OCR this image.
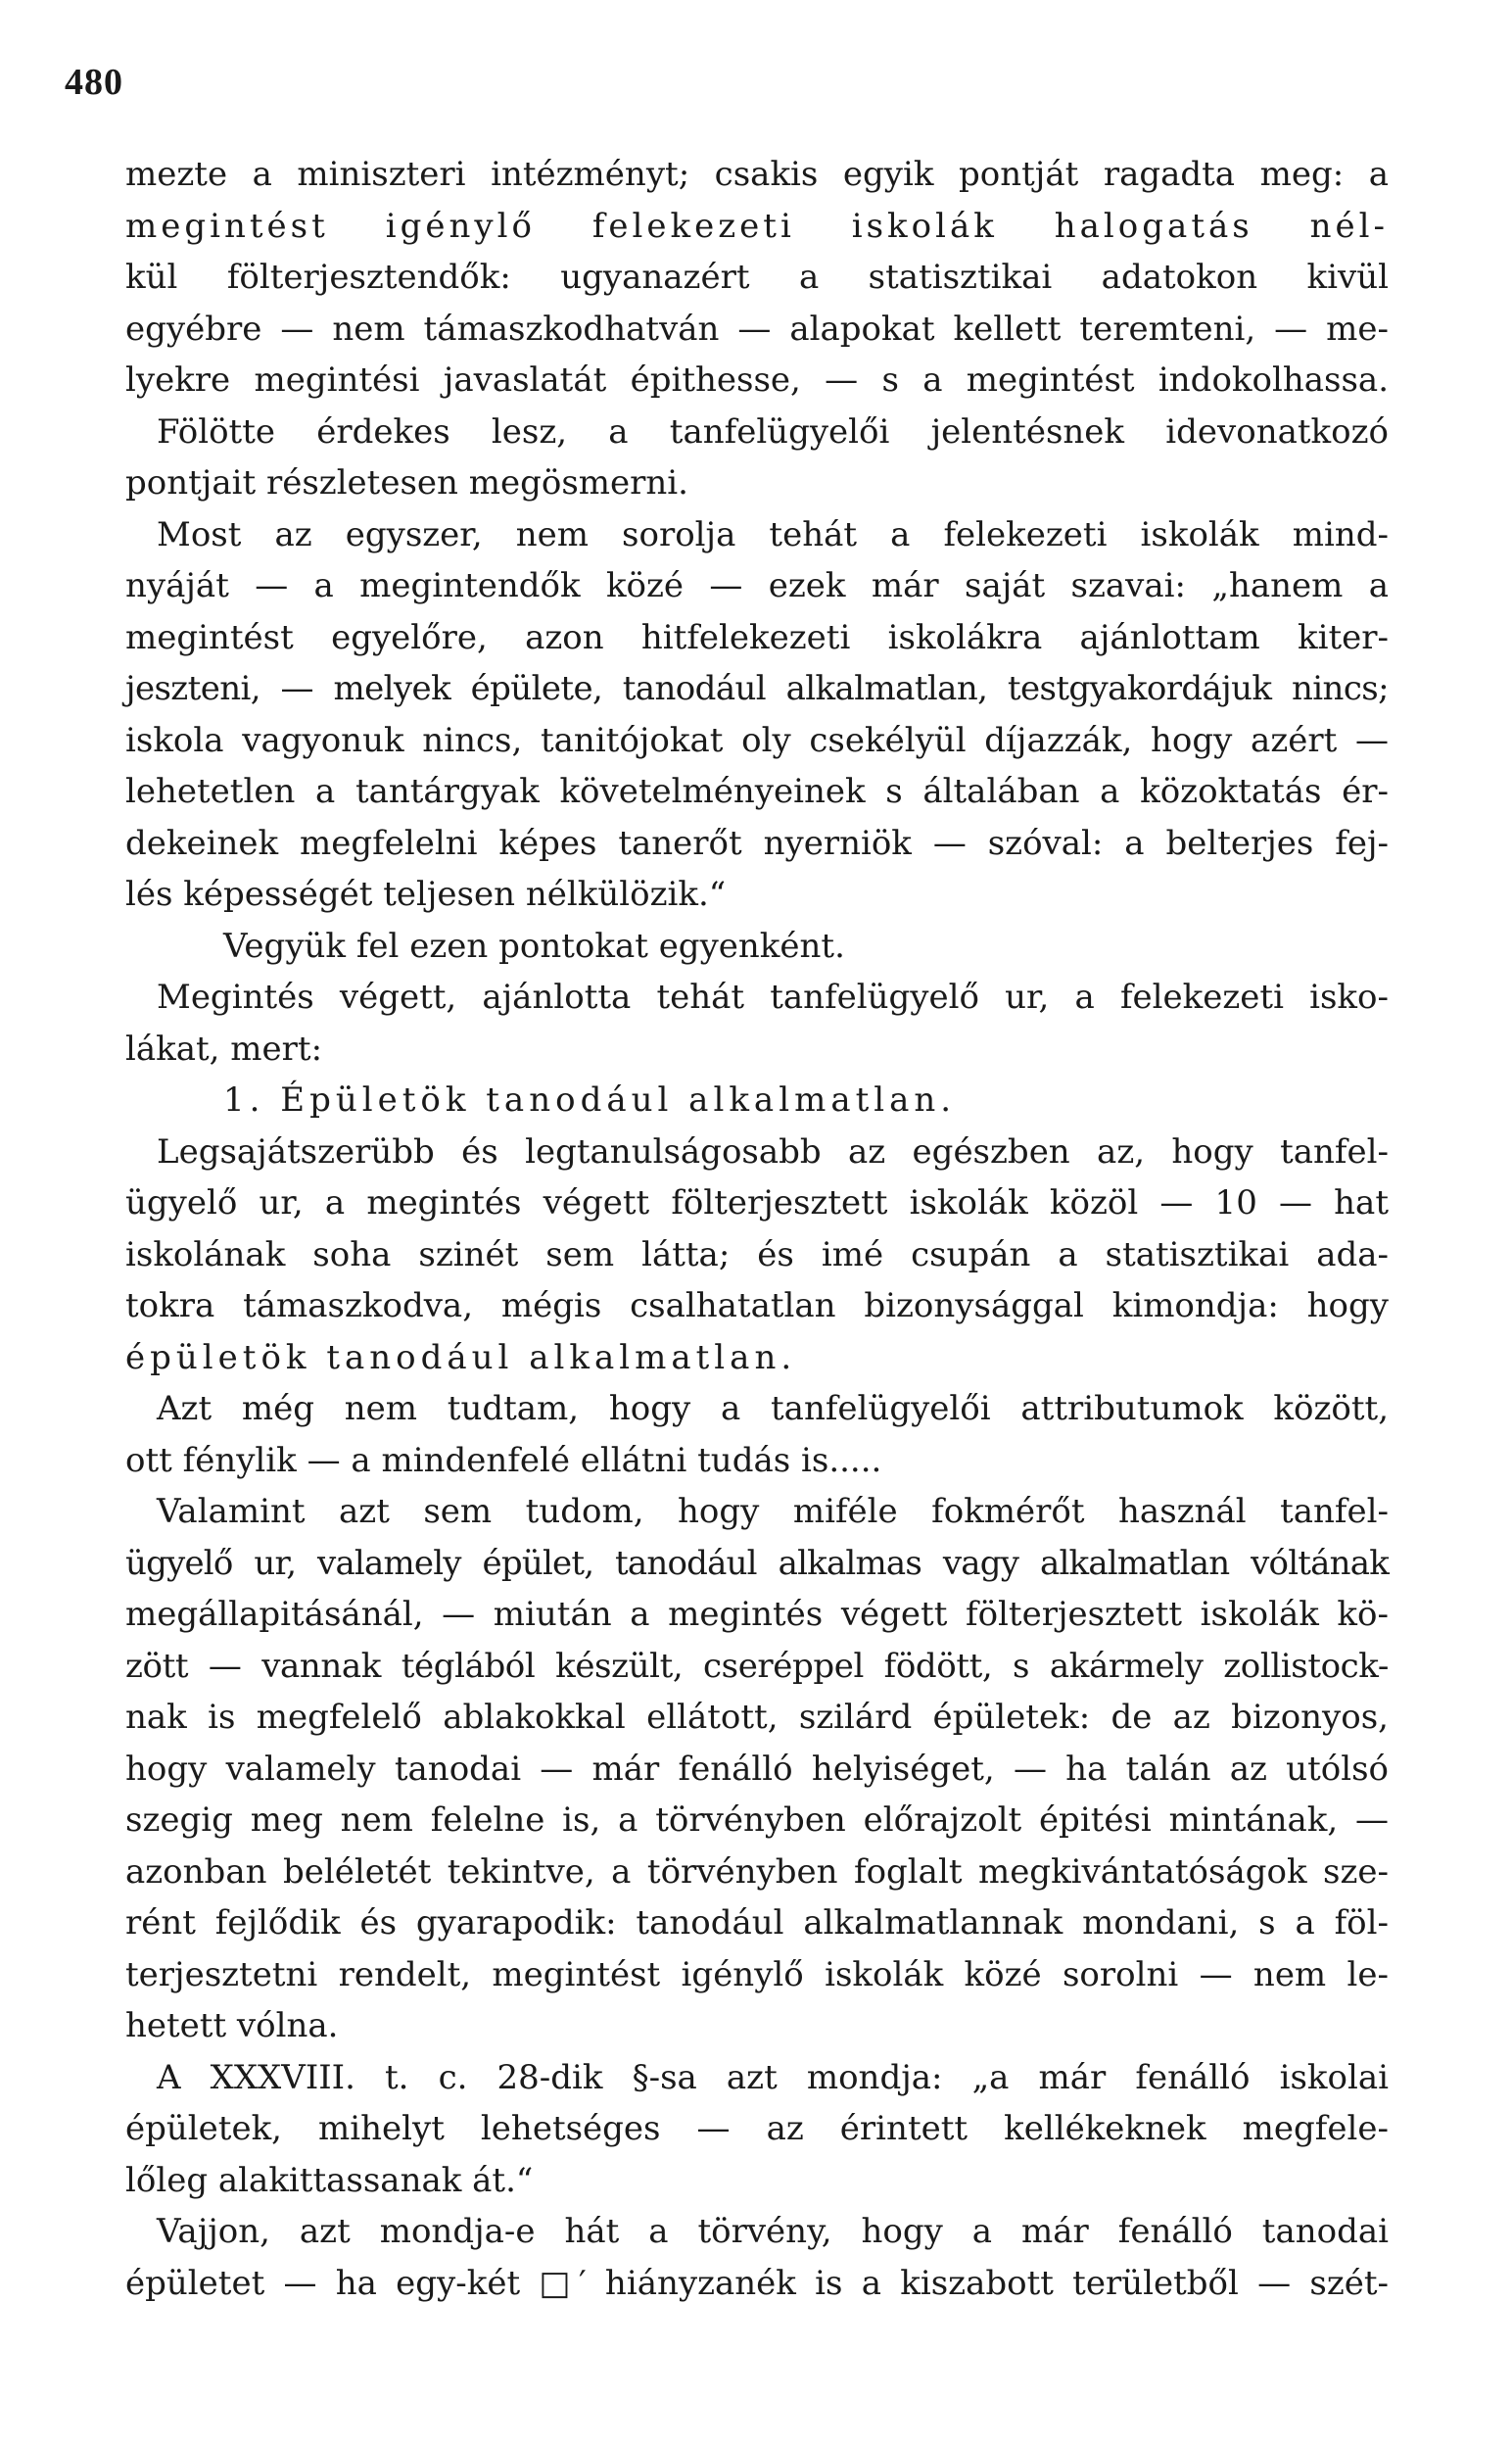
480
mezte a miniszteri intézményt; csakis egyik pontját ragadta meg: a
megintést igénylő felekezeti iskolák halogatás nél-
kül fölterjesztendők: ugyanazért a statisztikai adatokon kivül
egyébre — nem támaszkodhatván — alapokat kellett teremteni, — me-
lyekre megintési javaslatát épithesse, — s a megintést indokolhassa.
Fölötte érdekes lesz, a tanfelügyelői jelentésnek idevonatkozó
pontjait részletesen megösmerni.
Most az egyszer, nem sorolja tehát a felekezeti iskolák mind-
nyáját — a megintendők közé — ezek már saját szavai: „hanem a
megintést egyelőre, azon hitfelekezeti iskolákra ajánlottam kiter-
jeszteni, — melyek épülete, tanodául alkalmatlan, testgyakordájuk nincs;
iskola vagyonuk nincs, tanitójokat oly csekélyül díjazzák, hogy azért —
lehetetlen a tantárgyak követelményeinek s általában a közoktatás ér-
dekeinek megfelelni képes tanerőt nyerniök — szóval: a belterjes fej-
lés képességét teljesen nélkülözik.“
Vegyük fel ezen pontokat egyenként.
Megintés végett, ajánlotta tehát tanfelügyelő ur, a felekezeti isko-
lákat, mert:
1. Épületök tanodául alkalmatlan.
Legsajátszerübb és legtanulságosabb az egészben az, hogy tanfel-
ügyelő ur, a megintés végett fölterjesztett iskolák közöl — 10 — hat
iskolának soha szinét sem látta; és imé csupán a statisztikai ada-
tokra támaszkodva, mégis csalhatatlan bizonysággal kimondja: hogy
épületök tanodául alkalmatlan.
Azt még nem tudtam, hogy a tanfelügyelői attributumok között,
ott fénylik — a mindenfelé ellátni tudás is.....
Valamint azt sem tudom, hogy miféle fokmérőt használ tanfel-
ügyelő ur, valamely épület, tanodául alkalmas vagy alkalmatlan vóltának
megállapitásánál, — miután a megintés végett fölterjesztett iskolák kö-
zött — vannak téglából készült, cseréppel födött, s akármely zollistock-
nak is megfelelő ablakokkal ellátott, szilárd épületek: de az bizonyos,
hogy valamely tanodai — már fenálló helyiséget, — ha talán az utólsó
szegig meg nem felelne is, a törvényben előrajzolt épitési mintának, —
azonban beléletét tekintve, a törvényben foglalt megkivántatóságok sze-
rént fejlődik és gyarapodik: tanodául alkalmatlannak mondani, s a föl-
terjesztetni rendelt, megintést igénylő iskolák közé sorolni — nem le-
hetett vólna.
A XXXVIII. t. c. 28-dik §-sa azt mondja: „a már fenálló iskolai
épületek, mihelyt lehetséges — az érintett kellékeknek megfele-
lőleg alakittassanak át.“
Vajjon, azt mondja-e hát a törvény, hogy a már fenálló tanodai
épületet — ha egy-két □′ hiányzanék is a kiszabott területből — szét-
